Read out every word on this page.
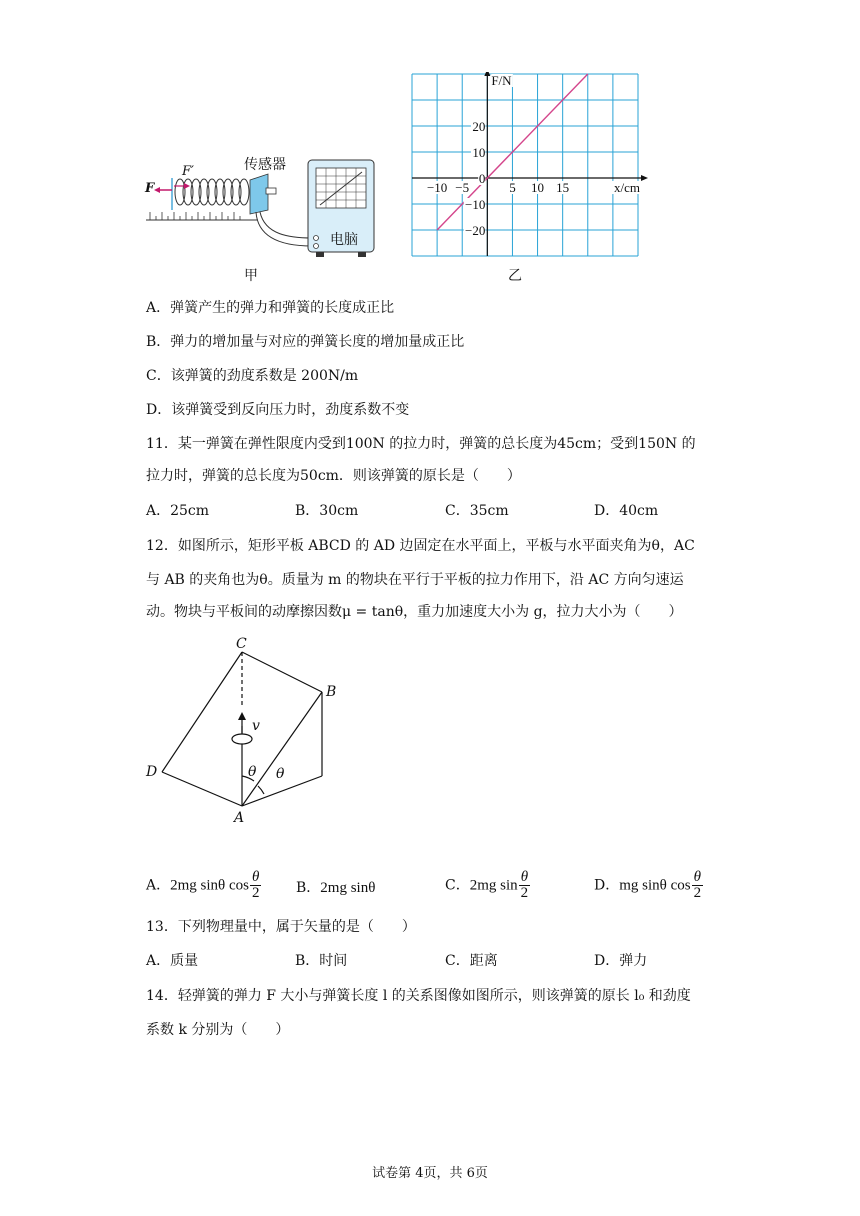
F
F′	传感器
电脑
甲
−10 −5	5 10 15
20
10
0
−10
−20
x/cm
F/N
乙
A．弹簧产生的弹力和弹簧的长度成正比
B．弹力的增加量与对应的弹簧长度的增加量成正比
C．该弹簧的劲度系数是 200N/m
D．该弹簧受到反向压力时，劲度系数不变
11．某一弹簧在弹性限度内受到100N 的拉力时，弹簧的总长度为45cm；受到150N 的
拉力时，弹簧的总长度为50cm．则该弹簧的原长是（　　）
A．25cm	B．30cm	C．35cm	D．40cm
12．如图所示，矩形平板 ABCD 的 AD 边固定在水平面上，平板与水平面夹角为θ，AC
与 AB 的夹角也为θ。质量为 m 的物块在平行于平板的拉力作用下，沿 AC 方向匀速运
动。物块与平板间的动摩擦因数μ = tanθ，重力加速度大小为 g，拉力大小为（　　）
C
B
D
A
v
θ θ
A．2mg sinθ $\cos \frac{\theta}{2}$ B．2mg sinθ	C．2mg $\sin \frac{\theta}{2}$	D．mg sinθ $\cos \frac{\theta}{2}$
13．下列物理量中，属于矢量的是（　　）
A．质量	B．时间	C．距离	D．弹力
14．轻弹簧的弹力 F 大小与弹簧长度 l 的关系图像如图所示，则该弹簧的原长 l₀ 和劲度
系数 k 分别为（　　）
试卷第 4页，共 6页
